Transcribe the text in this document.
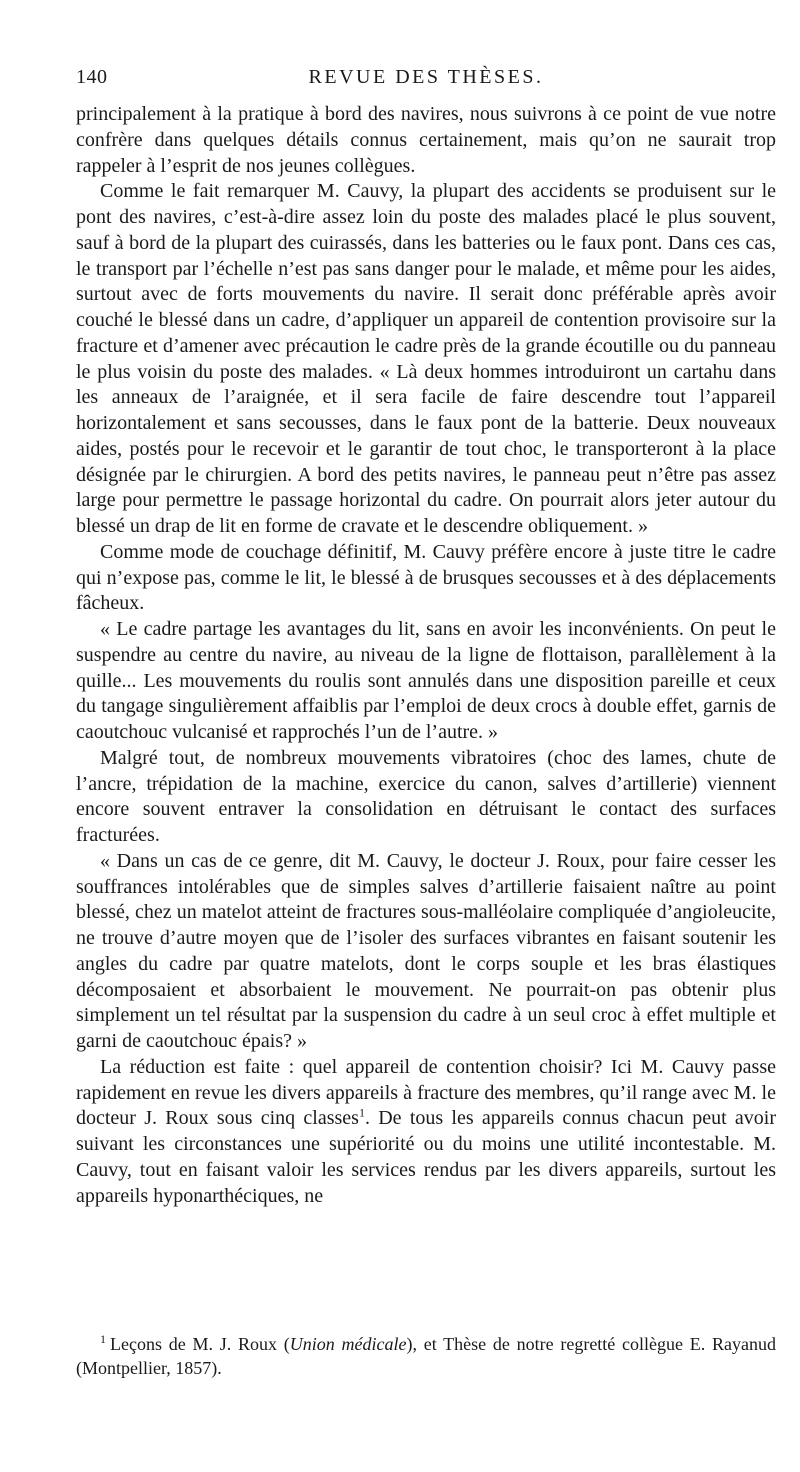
140	REVUE DES THÈSES.

principalement à la pratique à bord des navires, nous suivrons à ce point de vue notre confrère dans quelques détails connus certainement, mais qu’on ne saurait trop rappeler à l’esprit de nos jeunes collègues.

Comme le fait remarquer M. Cauvy, la plupart des accidents se produisent sur le pont des navires, c’est-à-dire assez loin du poste des malades placé le plus souvent, sauf à bord de la plupart des cuirassés, dans les batteries ou le faux pont. Dans ces cas, le transport par l’échelle n’est pas sans danger pour le malade, et même pour les aides, surtout avec de forts mouvements du navire. Il serait donc préférable après avoir couché le blessé dans un cadre, d’appliquer un appareil de contention provisoire sur la fracture et d’amener avec précaution le cadre près de la grande écoutille ou du panneau le plus voisin du poste des malades. « Là deux hommes introduiront un cartahu dans les anneaux de l’araignée, et il sera facile de faire descendre tout l’appareil horizontalement et sans secousses, dans le faux pont de la batterie. Deux nouveaux aides, postés pour le recevoir et le garantir de tout choc, le transporteront à la place désignée par le chirurgien. A bord des petits navires, le panneau peut n’être pas assez large pour permettre le passage horizontal du cadre. On pourrait alors jeter autour du blessé un drap de lit en forme de cravate et le descendre obliquement. »

Comme mode de couchage définitif, M. Cauvy préfère encore à juste titre le cadre qui n’expose pas, comme le lit, le blessé à de brusques secousses et à des déplacements fâcheux.

« Le cadre partage les avantages du lit, sans en avoir les inconvénients. On peut le suspendre au centre du navire, au niveau de la ligne de flottaison, parallèlement à la quille... Les mouvements du roulis sont annulés dans une disposition pareille et ceux du tangage singulièrement affaiblis par l’emploi de deux crocs à double effet, garnis de caoutchouc vulcanisé et rapprochés l’un de l’autre. »

Malgré tout, de nombreux mouvements vibratoires (choc des lames, chute de l’ancre, trépidation de la machine, exercice du canon, salves d’artillerie) viennent encore souvent entraver la consolidation en détruisant le contact des surfaces fracturées.

« Dans un cas de ce genre, dit M. Cauvy, le docteur J. Roux, pour faire cesser les souffrances intolérables que de simples salves d’artillerie faisaient naître au point blessé, chez un matelot atteint de fractures sous-malléolaire compliquée d’angioleucite, ne trouve d’autre moyen que de l’isoler des surfaces vibrantes en faisant soutenir les angles du cadre par quatre matelots, dont le corps souple et les bras élastiques décomposaient et absorbaient le mouvement. Ne pourrait-on pas obtenir plus simplement un tel résultat par la suspension du cadre à un seul croc à effet multiple et garni de caoutchouc épais? »

La réduction est faite : quel appareil de contention choisir? Ici M. Cauvy passe rapidement en revue les divers appareils à fracture des membres, qu’il range avec M. le docteur J. Roux sous cinq classes$^1$. De tous les appareils connus chacun peut avoir suivant les circonstances une supériorité ou du moins une utilité incontestable. M. Cauvy, tout en faisant valoir les services rendus par les divers appareils, surtout les appareils hyponarthéciques, ne

$^1$ Leçons de M. J. Roux (Union médicale), et Thèse de notre regretté collègue E. Rayanud (Montpellier, 1857).
